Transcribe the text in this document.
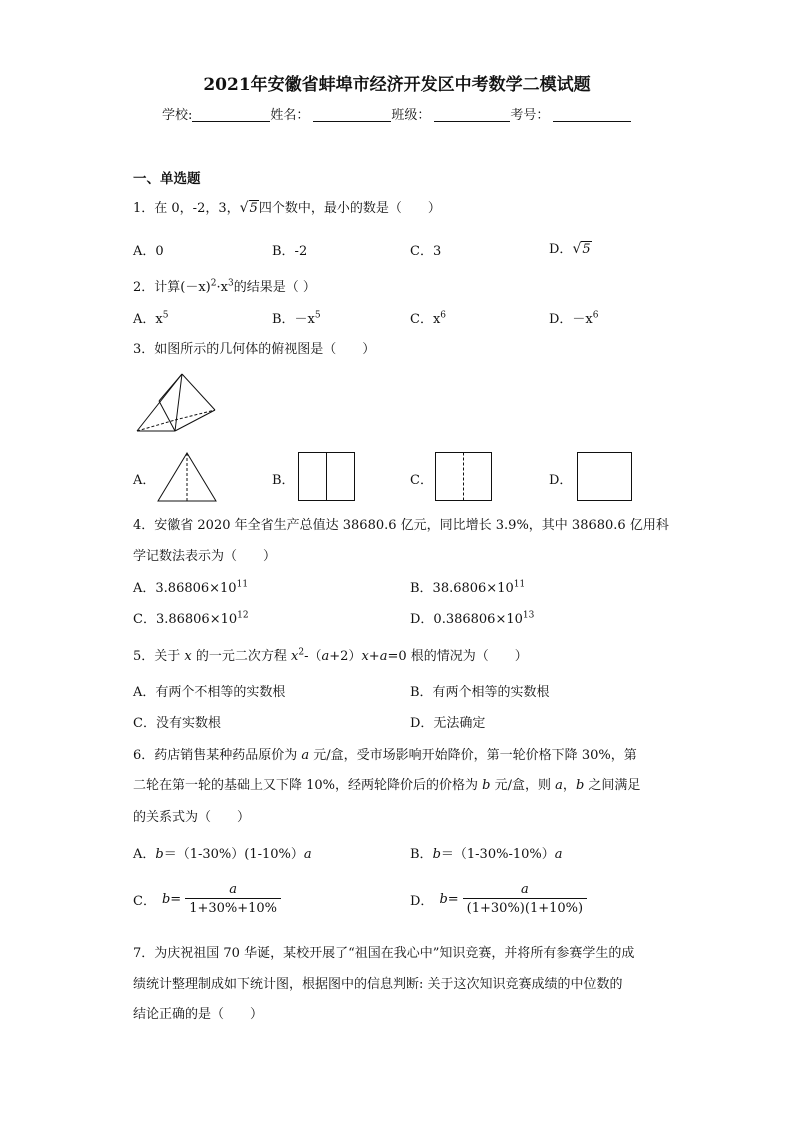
2021年安徽省蚌埠市经济开发区中考数学二模试题
学校:	姓名：	班级：	考号：
一、单选题
1．在 0，-2，3，√5四个数中，最小的数是（　　）
A．0	B．-2	C．3	D．√5
2．计算$(-x)^2\cdot x^3$的结果是（ ）
A．$x^5$	B．$-x^5$	C．$x^6$	D．$-x^6$
3．如图所示的几何体的俯视图是（　　）
A．	B．	C．	D．
4．安徽省 2020 年全省生产总值达 38680.6 亿元，同比增长 3.9%，其中 38680.6 亿用科
学记数法表示为（　　）
A．$3.86806\times 10^{11}$	B．$38.6806\times 10^{11}$
C．$3.86806\times 10^{12}$	D．$0.386806\times 10^{13}$
5．关于 x 的一元二次方程 $x^2-(a+2)x+a=0$ 根的情况为（　　）
A．有两个不相等的实数根	B．有两个相等的实数根
C．没有实数根	D．无法确定
6．药店销售某种药品原价为 a 元/盒，受市场影响开始降价，第一轮价格下降 30%，第
二轮在第一轮的基础上又下降 10%，经两轮降价后的价格为 b 元/盒，则 a，b 之间满足
的关系式为（　　）
A．b＝（1-30%）(1-10%）a	B．b＝（1-30%-10%）a
C． $b = \frac{a}{1+30\%+10\%}$	D． $b = \frac{a}{(1+30\%)(1+10\%)}$
7．为庆祝祖国 70 华诞，某校开展了“祖国在我心中”知识竞赛，并将所有参赛学生的成
绩统计整理制成如下统计图，根据图中的信息判断: 关于这次知识竞赛成绩的中位数的
结论正确的是（　　）
